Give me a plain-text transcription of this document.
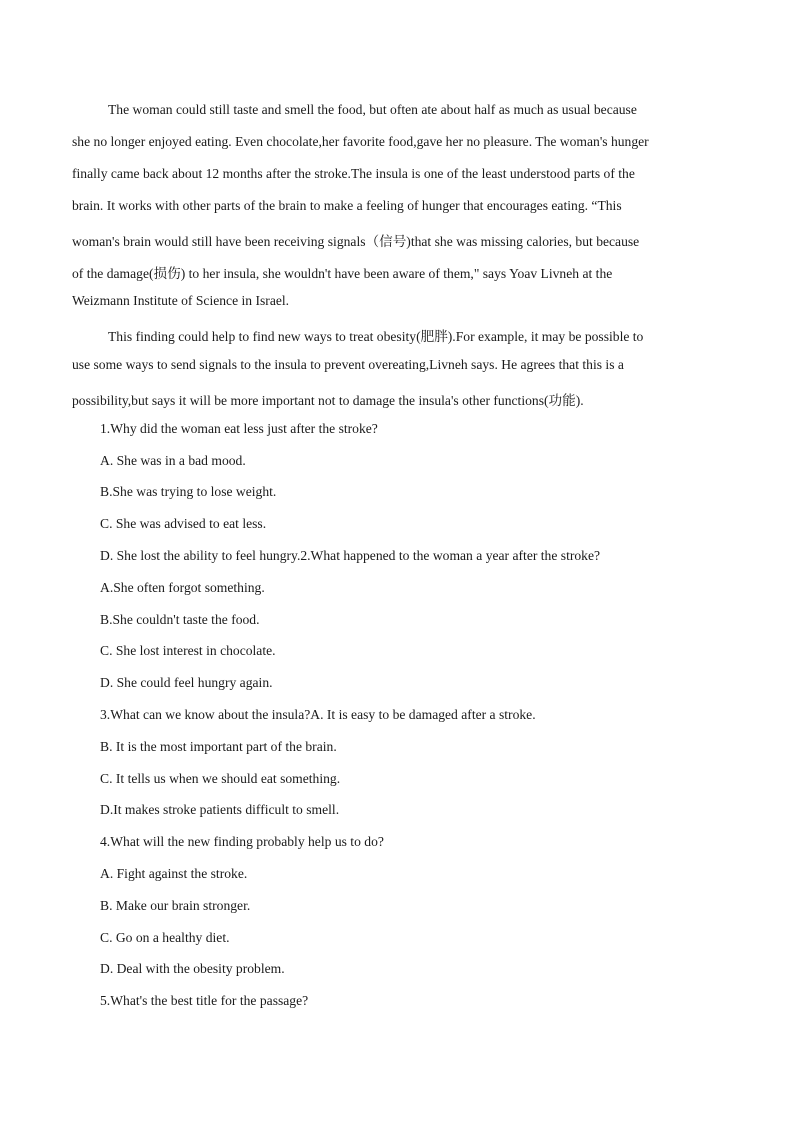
The woman could still taste and smell the food, but often ate about half as much as usual because
she no longer enjoyed eating. Even chocolate,her favorite food,gave her no pleasure. The woman's hunger
finally came back about 12 months after the stroke.The insula is one of the least understood parts of the
brain. It works with other parts of the brain to make a feeling of hunger that encourages eating. “This
woman's brain would still have been receiving signals（信号)that she was missing calories, but because
of the damage(损伤) to her insula, she wouldn't have been aware of them," says Yoav Livneh at the
Weizmann Institute of Science in Israel.
This finding could help to find new ways to treat obesity(肥胖).For example, it may be possible to
use some ways to send signals to the insula to prevent overeating,Livneh says. He agrees that this is a
possibility,but says it will be more important not to damage the insula's other functions(功能).
1.Why did the woman eat less just after the stroke?
A. She was in a bad mood.
B.She was trying to lose weight.
C. She was advised to eat less.
D. She lost the ability to feel hungry.2.What happened to the woman a year after the stroke?
A.She often forgot something.
B.She couldn't taste the food.
C. She lost interest in chocolate.
D. She could feel hungry again.
3.What can we know about the insula?A. It is easy to be damaged after a stroke.
B. It is the most important part of the brain.
C. It tells us when we should eat something.
D.It makes stroke patients difficult to smell.
4.What will the new finding probably help us to do?
A. Fight against the stroke.
B. Make our brain stronger.
C. Go on a healthy diet.
D. Deal with the obesity problem.
5.What's the best title for the passage?
